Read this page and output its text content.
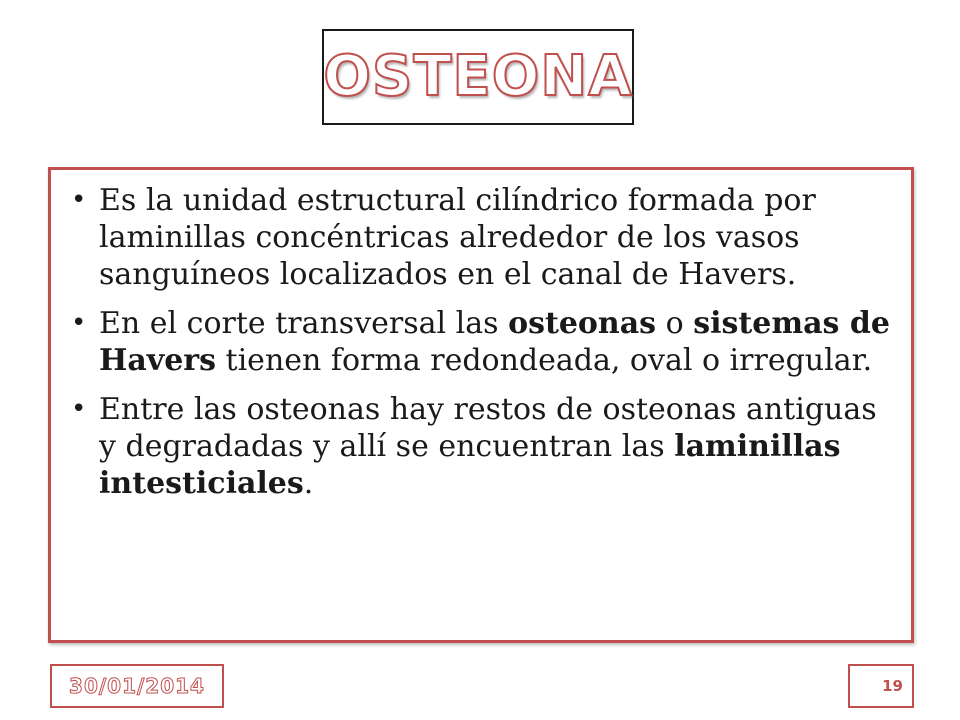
OSTEONA
• Es la unidad estructural cilíndrico formada por laminillas concéntricas alrededor de los vasos sanguíneos localizados en el canal de Havers.
• En el corte transversal las osteonas o sistemas de Havers tienen forma redondeada, oval o irregular.
• Entre las osteonas hay restos de osteonas antiguas y degradadas y allí se encuentran las laminillas intesticiales.
30/01/2014	19
